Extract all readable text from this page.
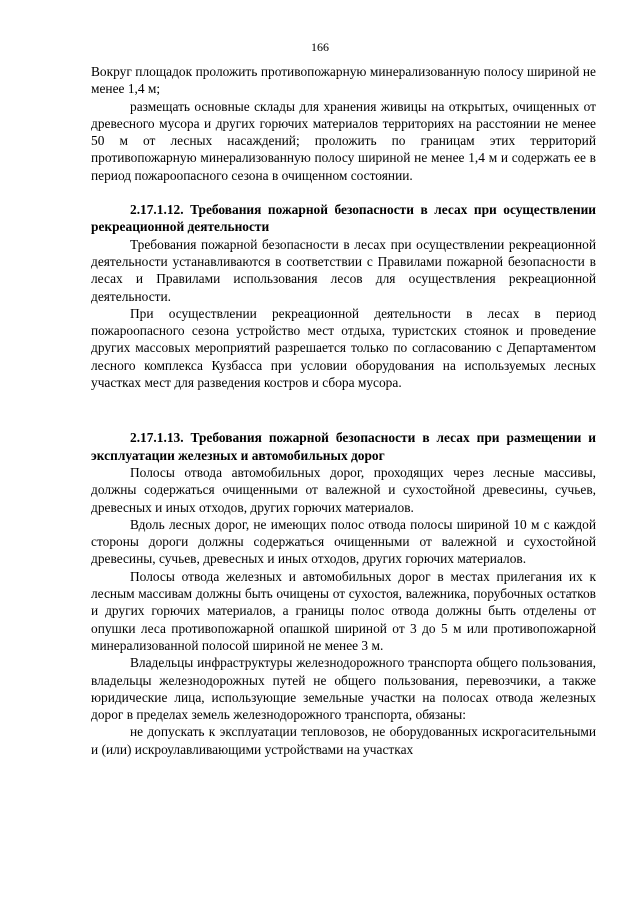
166

Вокруг площадок проложить противопожарную минерализованную полосу шириной не менее 1,4 м;

размещать основные склады для хранения живицы на открытых, очищенных от древесного мусора и других горючих материалов территориях на расстоянии не менее 50 м от лесных насаждений; проложить по границам этих территорий противопожарную минерализованную полосу шириной не менее 1,4 м и содержать ее в период пожароопасного сезона в очищенном состоянии.

2.17.1.12. Требования пожарной безопасности в лесах при осуществлении рекреационной деятельности

Требования пожарной безопасности в лесах при осуществлении рекреационной деятельности устанавливаются в соответствии с Правилами пожарной безопасности в лесах и Правилами использования лесов для осуществления рекреационной деятельности.

При осуществлении рекреационной деятельности в лесах в период пожароопасного сезона устройство мест отдыха, туристских стоянок и проведение других массовых мероприятий разрешается только по согласованию с Департаментом лесного комплекса Кузбасса при условии оборудования на используемых лесных участках мест для разведения костров и сбора мусора.

2.17.1.13. Требования пожарной безопасности в лесах при размещении и эксплуатации железных и автомобильных дорог

Полосы отвода автомобильных дорог, проходящих через лесные массивы, должны содержаться очищенными от валежной и сухостойной древесины, сучьев, древесных и иных отходов, других горючих материалов.

Вдоль лесных дорог, не имеющих полос отвода полосы шириной 10 м с каждой стороны дороги должны содержаться очищенными от валежной и сухостойной древесины, сучьев, древесных и иных отходов, других горючих материалов.

Полосы отвода железных и автомобильных дорог в местах прилегания их к лесным массивам должны быть очищены от сухостоя, валежника, порубочных остатков и других горючих материалов, а границы полос отвода должны быть отделены от опушки леса противопожарной опашкой шириной от 3 до 5 м или противопожарной минерализованной полосой шириной не менее 3 м.

Владельцы инфраструктуры железнодорожного транспорта общего пользования, владельцы железнодорожных путей не общего пользования, перевозчики, а также юридические лица, использующие земельные участки на полосах отвода железных дорог в пределах земель железнодорожного транспорта, обязаны:

не допускать к эксплуатации тепловозов, не оборудованных искрогасительными и (или) искроулавливающими устройствами на участках
